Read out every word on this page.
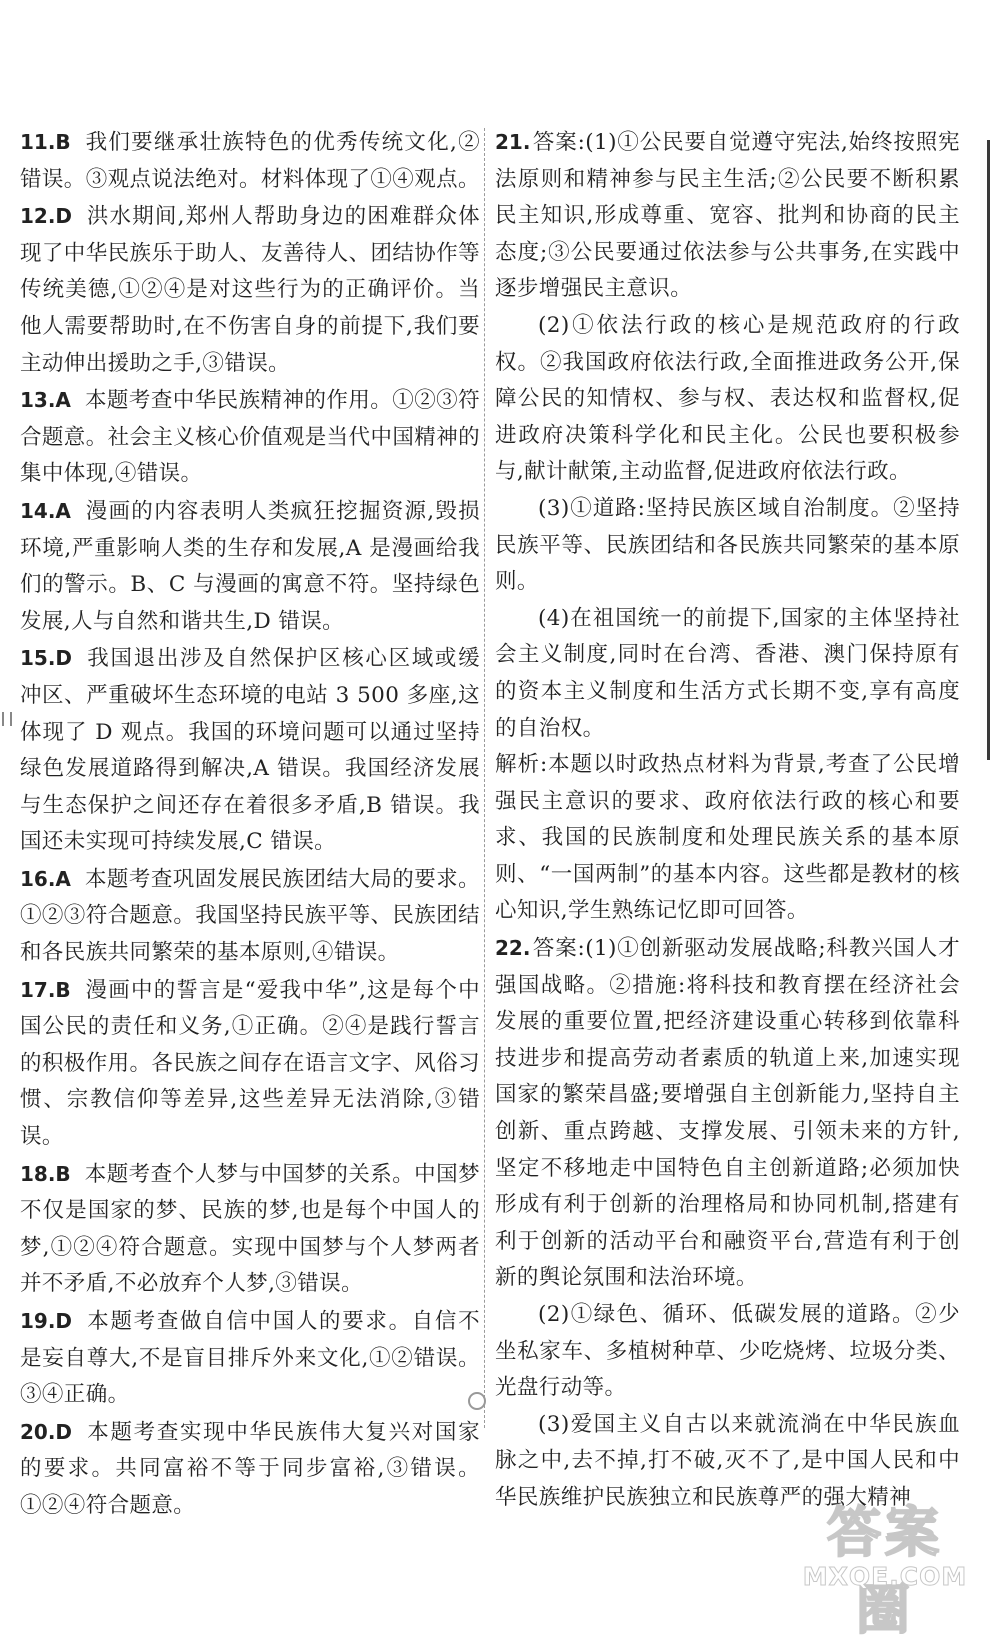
11.B 我们要继承壮族特色的优秀传统文化,②错误。③观点说法绝对。材料体现了①④观点。

12.D 洪水期间,郑州人帮助身边的困难群众体现了中华民族乐于助人、友善待人、团结协作等传统美德,①②④是对这些行为的正确评价。当他人需要帮助时,在不伤害自身的前提下,我们要主动伸出援助之手,③错误。

13.A 本题考查中华民族精神的作用。①②③符合题意。社会主义核心价值观是当代中国精神的集中体现,④错误。

14.A 漫画的内容表明人类疯狂挖掘资源,毁损环境,严重影响人类的生存和发展,A 是漫画给我们的警示。B、C 与漫画的寓意不符。坚持绿色发展,人与自然和谐共生,D 错误。

15.D 我国退出涉及自然保护区核心区域或缓冲区、严重破坏生态环境的电站 3 500 多座,这体现了 D 观点。我国的环境问题可以通过坚持绿色发展道路得到解决,A 错误。我国经济发展与生态保护之间还存在着很多矛盾,B 错误。我国还未实现可持续发展,C 错误。

16.A 本题考查巩固发展民族团结大局的要求。①②③符合题意。我国坚持民族平等、民族团结和各民族共同繁荣的基本原则,④错误。

17.B 漫画中的誓言是“爱我中华”,这是每个中国公民的责任和义务,①正确。②④是践行誓言的积极作用。各民族之间存在语言文字、风俗习惯、宗教信仰等差异,这些差异无法消除,③错误。

18.B 本题考查个人梦与中国梦的关系。中国梦不仅是国家的梦、民族的梦,也是每个中国人的梦,①②④符合题意。实现中国梦与个人梦两者并不矛盾,不必放弃个人梦,③错误。

19.D 本题考查做自信中国人的要求。自信不是妄自尊大,不是盲目排斥外来文化,①②错误。③④正确。

20.D 本题考查实现中华民族伟大复兴对国家的要求。共同富裕不等于同步富裕,③错误。①②④符合题意。

21.答案:(1)①公民要自觉遵守宪法,始终按照宪法原则和精神参与民主生活;②公民要不断积累民主知识,形成尊重、宽容、批判和协商的民主态度;③公民要通过依法参与公共事务,在实践中逐步增强民主意识。

(2)①依法行政的核心是规范政府的行政权。②我国政府依法行政,全面推进政务公开,保障公民的知情权、参与权、表达权和监督权,促进政府决策科学化和民主化。公民也要积极参与,献计献策,主动监督,促进政府依法行政。

(3)①道路:坚持民族区域自治制度。②坚持民族平等、民族团结和各民族共同繁荣的基本原则。

(4)在祖国统一的前提下,国家的主体坚持社会主义制度,同时在台湾、香港、澳门保持原有的资本主义制度和生活方式长期不变,享有高度的自治权。

解析:本题以时政热点材料为背景,考查了公民增强民主意识的要求、政府依法行政的核心和要求、我国的民族制度和处理民族关系的基本原则、“一国两制”的基本内容。这些都是教材的核心知识,学生熟练记忆即可回答。

22.答案:(1)①创新驱动发展战略;科教兴国人才强国战略。②措施:将科技和教育摆在经济社会发展的重要位置,把经济建设重心转移到依靠科技进步和提高劳动者素质的轨道上来,加速实现国家的繁荣昌盛;要增强自主创新能力,坚持自主创新、重点跨越、支撑发展、引领未来的方针,坚定不移地走中国特色自主创新道路;必须加快形成有利于创新的治理格局和协同机制,搭建有利于创新的活动平台和融资平台,营造有利于创新的舆论氛围和法治环境。

(2)①绿色、循环、低碳发展的道路。②少坐私家车、多植树种草、少吃烧烤、垃圾分类、光盘行动等。

(3)爱国主义自古以来就流淌在中华民族血脉之中,去不掉,打不破,灭不了,是中国人民和中华民族维护民族独立和民族尊严的强大精神

答案圈
MXQE.COM
